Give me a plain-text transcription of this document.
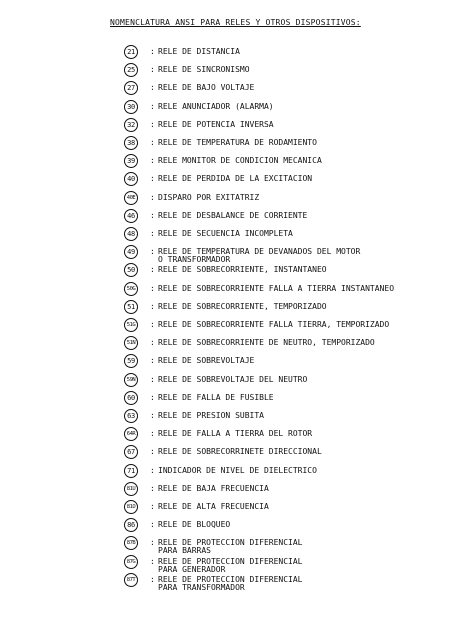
NOMENCLATURA ANSI PARA RELES Y OTROS DISPOSITIVOS:
21	: RELE DE DISTANCIA
25	: RELE DE SINCRONISMO
27	: RELE DE BAJO VOLTAJE
30	: RELE ANUNCIADOR (ALARMA)
32	: RELE DE POTENCIA INVERSA
38	: RELE DE TEMPERATURA DE RODAMIENTO
39	: RELE MONITOR DE CONDICION MECANICA
40	: RELE DE PERDIDA DE LA EXCITACION
40E	: DISPARO POR EXITATRIZ
46	: RELE DE DESBALANCE DE CORRIENTE
48	: RELE DE SECUENCIA INCOMPLETA
49	: RELE DE TEMPERATURA DE DEVANADOS DEL MOTOR
O TRANSFORMADOR
50	: RELE DE SOBRECORRIENTE, INSTANTANEO
50G	: RELE DE SOBRECORRIENTE FALLA A TIERRA INSTANTANEO
51	: RELE DE SOBRECORRIENTE, TEMPORIZADO
51G	: RELE DE SOBRECORRIENTE FALLA TIERRA, TEMPORIZADO
51N	: RELE DE SOBRECORRIENTE DE NEUTRO, TEMPORIZADO
59	: RELE DE SOBREVOLTAJE
59N	: RELE DE SOBREVOLTAJE DEL NEUTRO
60	: RELE DE FALLA DE FUSIBLE
63	: RELE DE PRESION SUBITA
64R	: RELE DE FALLA A TIERRA DEL ROTOR
67	: RELE DE SOBRECORRINETE DIRECCIONAL
71	: INDICADOR DE NIVEL DE DIELECTRICO
81U	: RELE DE BAJA FRECUENCIA
81O	: RELE DE ALTA FRECUENCIA
86	: RELE DE BLOQUEO
87B	: RELE DE PROTECCION DIFERENCIAL
PARA BARRAS
87G	: RELE DE PROTECCION DIFERENCIAL
PARA GENERADOR
87T	: RELE DE PROTECCION DIFERENCIAL
PARA TRANSFORMADOR
